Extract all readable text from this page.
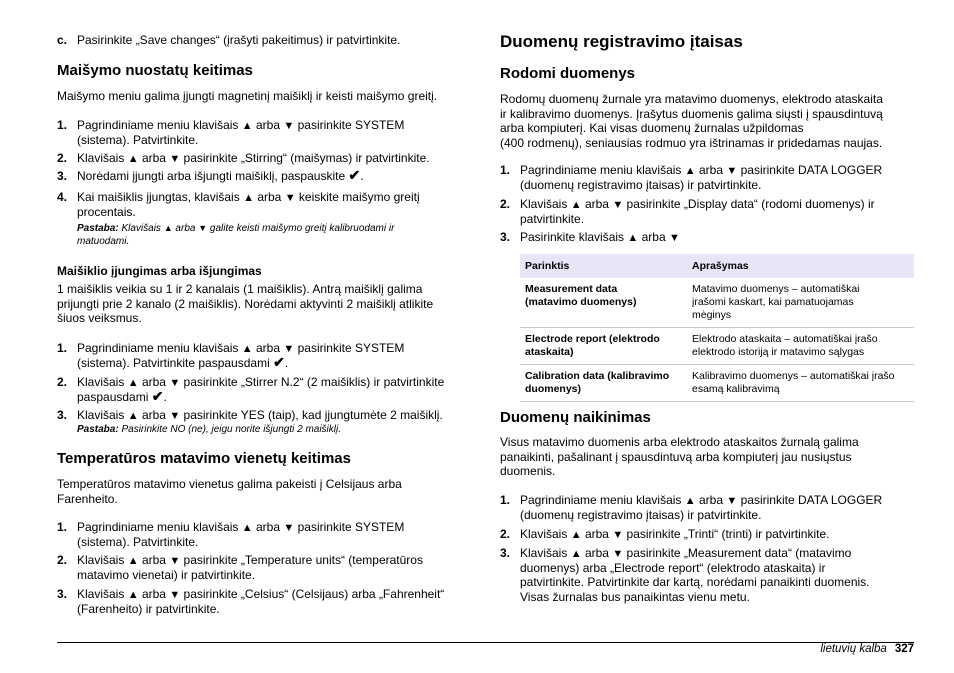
c. Pasirinkite „Save changes“ (įrašyti pakeitimus) ir patvirtinkite.
Maišymo nuostatų keitimas
Maišymo meniu galima įjungti magnetinį maišiklį ir keisti maišymo greitį.
1. Pagrindiniame meniu klavišais ▲ arba ▼ pasirinkite SYSTEM
(sistema). Patvirtinkite.
2. Klavišais ▲ arba ▼ pasirinkite „Stirring“ (maišymas) ir patvirtinkite.
3. Norėdami įjungti arba išjungti maišiklį, paspauskite ✔.
4. Kai maišiklis įjungtas, klavišais ▲ arba ▼ keiskite maišymo greitį
procentais.
Pastaba: Klavišais ▲ arba ▼ galite keisti maišymo greitį kalibruodami ir
matuodami.
Maišiklio įjungimas arba išjungimas
1 maišiklis veikia su 1 ir 2 kanalais (1 maišiklis). Antrą maišiklį galima
prijungti prie 2 kanalo (2 maišiklis). Norėdami aktyvinti 2 maišiklį atlikite
šiuos veiksmus.
1. Pagrindiniame meniu klavišais ▲ arba ▼ pasirinkite SYSTEM
(sistema). Patvirtinkite paspausdami ✔.
2. Klavišais ▲ arba ▼ pasirinkite „Stirrer N.2“ (2 maišiklis) ir patvirtinkite
paspausdami ✔.
3. Klavišais ▲ arba ▼ pasirinkite YES (taip), kad įjungtumėte 2 maišiklį.
Pastaba: Pasirinkite NO (ne), jeigu norite išjungti 2 maišiklį.
Temperatūros matavimo vienetų keitimas
Temperatūros matavimo vienetus galima pakeisti į Celsijaus arba
Farenheito.
1. Pagrindiniame meniu klavišais ▲ arba ▼ pasirinkite SYSTEM
(sistema). Patvirtinkite.
2. Klavišais ▲ arba ▼ pasirinkite „Temperature units“ (temperatūros
matavimo vienetai) ir patvirtinkite.
3. Klavišais ▲ arba ▼ pasirinkite „Celsius“ (Celsijaus) arba „Fahrenheit“
(Farenheito) ir patvirtinkite.
Duomenų registravimo įtaisas
Rodomi duomenys
Rodomų duomenų žurnale yra matavimo duomenys, elektrodo ataskaita
ir kalibravimo duomenys. Įrašytus duomenis galima siųsti į spausdintuvą
arba kompiuterį. Kai visas duomenų žurnalas užpildomas
(400 rodmenų), seniausias rodmuo yra ištrinamas ir pridedamas naujas.
1. Pagrindiniame meniu klavišais ▲ arba ▼ pasirinkite DATA LOGGER
(duomenų registravimo įtaisas) ir patvirtinkite.
2. Klavišais ▲ arba ▼ pasirinkite „Display data“ (rodomi duomenys) ir
patvirtinkite.
3. Pasirinkite klavišais ▲ arba ▼
Parinktis	Aprašymas
Measurement data
(matavimo duomenys)	Matavimo duomenys – automatiškai
įrašomi kaskart, kai pamatuojamas
mėginys
Electrode report (elektrodo
ataskaita)	Elektrodo ataskaita – automatiškai įrašo
elektrodo istoriją ir matavimo sąlygas
Calibration data (kalibravimo
duomenys)	Kalibravimo duomenys – automatiškai įrašo
esamą kalibravimą
Duomenų naikinimas
Visus matavimo duomenis arba elektrodo ataskaitos žurnalą galima
panaikinti, pašalinant į spausdintuvą arba kompiuterį jau nusiųstus
duomenis.
1. Pagrindiniame meniu klavišais ▲ arba ▼ pasirinkite DATA LOGGER
(duomenų registravimo įtaisas) ir patvirtinkite.
2. Klavišais ▲ arba ▼ pasirinkite „Trinti“ (trinti) ir patvirtinkite.
3. Klavišais ▲ arba ▼ pasirinkite „Measurement data“ (matavimo
duomenys) arba „Electrode report“ (elektrodo ataskaita) ir
patvirtinkite. Patvirtinkite dar kartą, norėdami panaikinti duomenis.
Visas žurnalas bus panaikintas vienu metu.
lietuvių kalba 327
